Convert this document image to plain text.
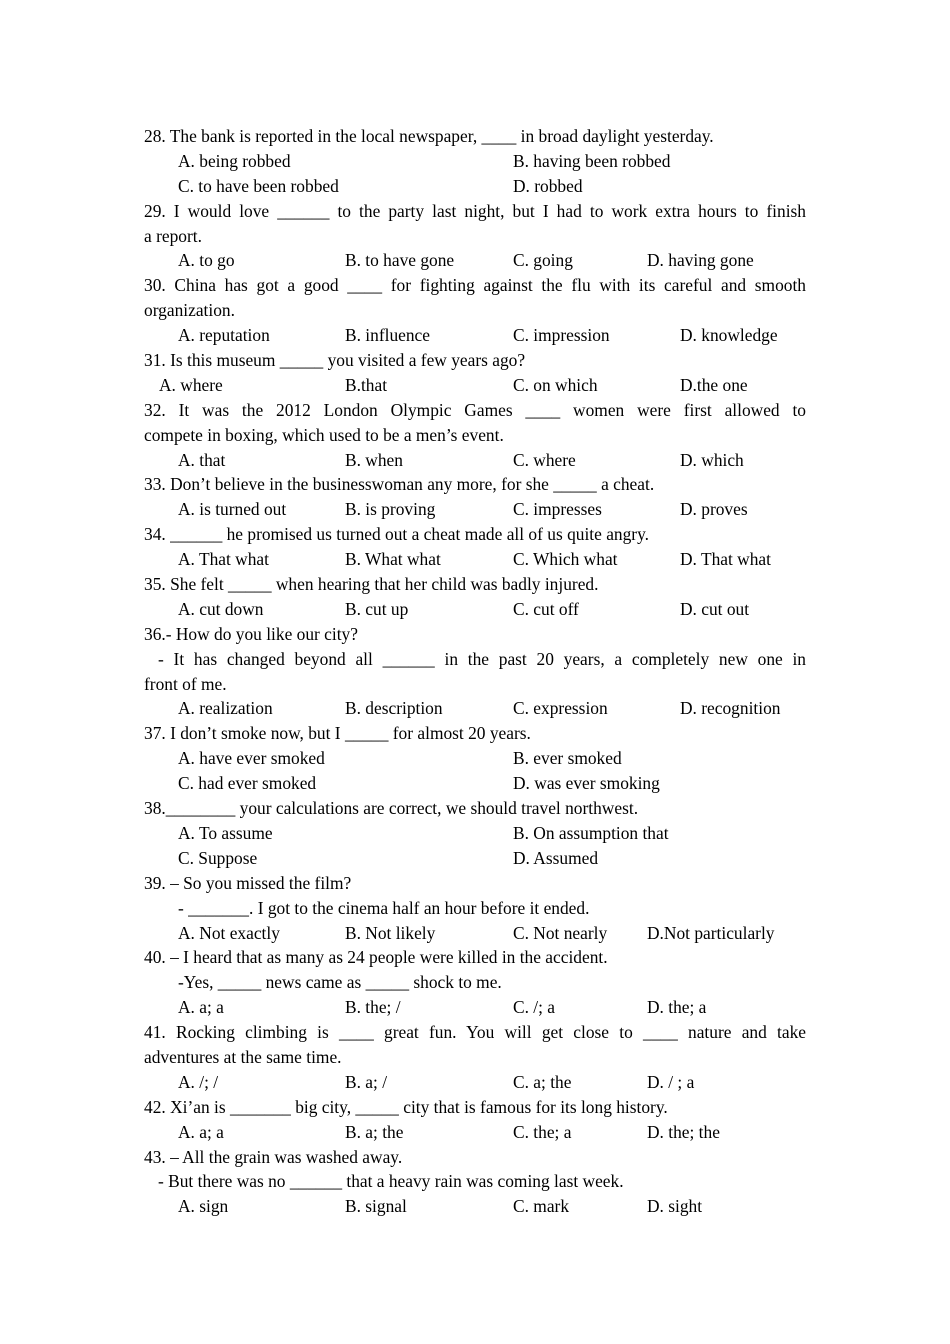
28. The bank is reported in the local newspaper, ____ in broad daylight yesterday.
A. being robbed	B. having been robbed
C. to have been robbed	D. robbed
29. I would love ______ to the party last night, but I had to work extra hours to finish
a report.
A. to go	B. to have gone	C. going	D. having gone
30. China has got a good ____ for fighting against the flu with its careful and smooth
organization.
A. reputation	B. influence	C. impression	D. knowledge
31. Is this museum _____ you visited a few years ago?
A. where	B.that	C. on which	D.the one
32. It was the 2012 London Olympic Games ____ women were first allowed to
compete in boxing, which used to be a men’s event.
A. that	B. when	C. where	D. which
33. Don’t believe in the businesswoman any more, for she _____ a cheat.
A. is turned out	B. is proving	C. impresses	D. proves
34. ______ he promised us turned out a cheat made all of us quite angry.
A. That what	B. What what	C. Which what	D. That what
35. She felt _____ when hearing that her child was badly injured.
A. cut down	B. cut up	C. cut off	D. cut out
36.- How do you like our city?
- It has changed beyond all ______ in the past 20 years, a completely new one in
front of me.
A. realization	B. description	C. expression	D. recognition
37. I don’t smoke now, but I _____ for almost 20 years.
A. have ever smoked	B. ever smoked
C. had ever smoked	D. was ever smoking
38.________ your calculations are correct, we should travel northwest.
A. To assume	B. On assumption that
C. Suppose	D. Assumed
39. – So you missed the film?
- _______. I got to the cinema half an hour before it ended.
A. Not exactly	B. Not likely	C. Not nearly D.Not particularly
40. – I heard that as many as 24 people were killed in the accident.
-Yes, _____ news came as _____ shock to me.
A. a; a	B. the; /	C. /; a	D. the; a
41. Rocking climbing is ____ great fun. You will get close to ____ nature and take
adventures at the same time.
A. /; /	B. a; /	C. a; the	D. / ; a
42. Xi’an is _______ big city, _____ city that is famous for its long history.
A. a; a	B. a; the	C. the; a	D. the; the
43. – All the grain was washed away.
- But there was no ______ that a heavy rain was coming last week.
A. sign	B. signal	C. mark	D. sight
